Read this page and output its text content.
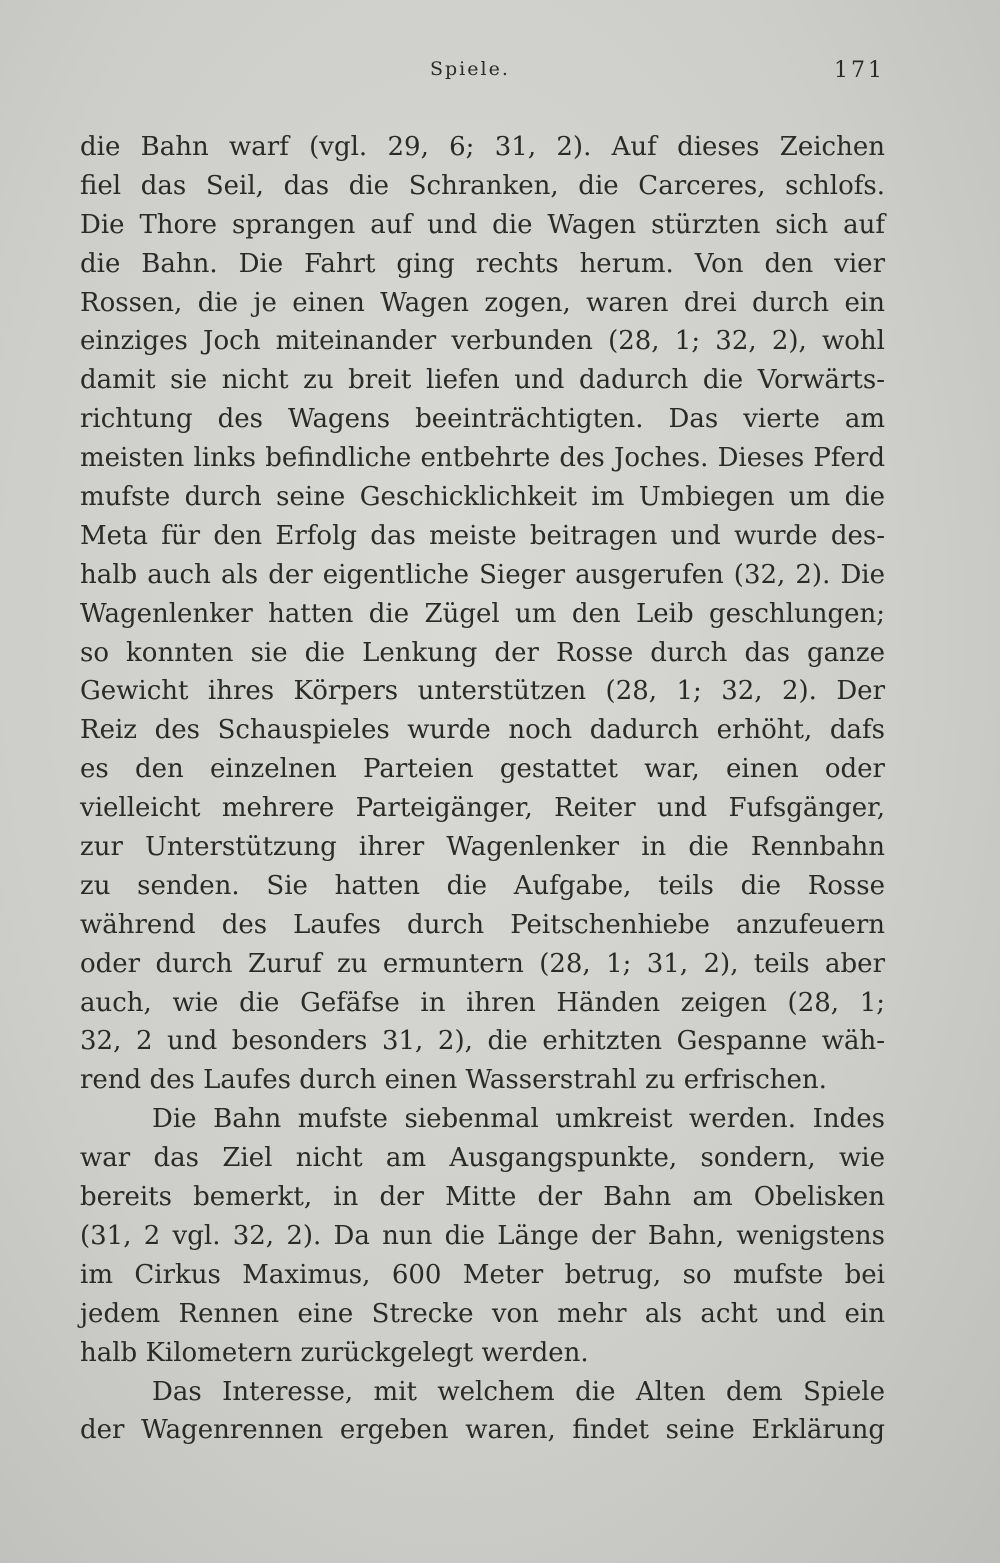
Spiele.	171
die Bahn warf (vgl. 29, 6; 31, 2). Auf dieses Zeichen
fiel das Seil, das die Schranken, die Carceres, schlofs.
Die Thore sprangen auf und die Wagen stürzten sich auf
die Bahn. Die Fahrt ging rechts herum. Von den vier
Rossen, die je einen Wagen zogen, waren drei durch ein
einziges Joch miteinander verbunden (28, 1; 32, 2), wohl
damit sie nicht zu breit liefen und dadurch die Vorwärts-
richtung des Wagens beeinträchtigten. Das vierte am
meisten links befindliche entbehrte des Joches. Dieses Pferd
mufste durch seine Geschicklichkeit im Umbiegen um die
Meta für den Erfolg das meiste beitragen und wurde des-
halb auch als der eigentliche Sieger ausgerufen (32, 2). Die
Wagenlenker hatten die Zügel um den Leib geschlungen;
so konnten sie die Lenkung der Rosse durch das ganze
Gewicht ihres Körpers unterstützen (28, 1; 32, 2). Der
Reiz des Schauspieles wurde noch dadurch erhöht, dafs
es den einzelnen Parteien gestattet war, einen oder
vielleicht mehrere Parteigänger, Reiter und Fufsgänger,
zur Unterstützung ihrer Wagenlenker in die Rennbahn
zu senden. Sie hatten die Aufgabe, teils die Rosse
während des Laufes durch Peitschenhiebe anzufeuern
oder durch Zuruf zu ermuntern (28, 1; 31, 2), teils aber
auch, wie die Gefäfse in ihren Händen zeigen (28, 1;
32, 2 und besonders 31, 2), die erhitzten Gespanne wäh-
rend des Laufes durch einen Wasserstrahl zu erfrischen.
Die Bahn mufste siebenmal umkreist werden. Indes
war das Ziel nicht am Ausgangspunkte, sondern, wie
bereits bemerkt, in der Mitte der Bahn am Obelisken
(31, 2 vgl. 32, 2). Da nun die Länge der Bahn, wenigstens
im Cirkus Maximus, 600 Meter betrug, so mufste bei
jedem Rennen eine Strecke von mehr als acht und ein
halb Kilometern zurückgelegt werden.
Das Interesse, mit welchem die Alten dem Spiele
der Wagenrennen ergeben waren, findet seine Erklärung
